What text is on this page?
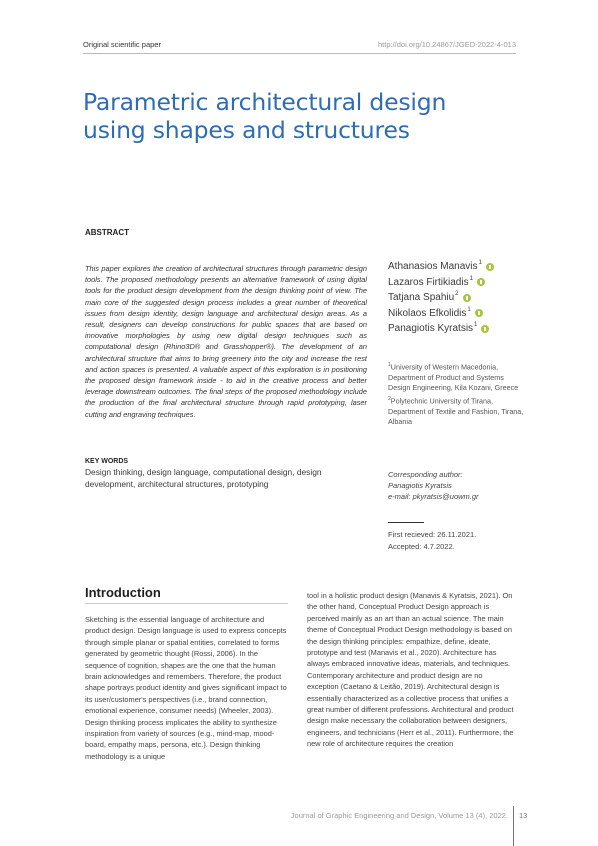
Original scientific paper	http://doi.org/10.24867/JGED-2022-4-013
Parametric architectural design using shapes and structures
ABSTRACT

This paper explores the creation of architectural structures through parametric design tools. The proposed methodology presents an alternative framework of using digital tools for the product design development from the design thinking point of view. The main core of the suggested design process includes a great number of theoretical issues from design identity, design language and architectural design areas. As a result, designers can develop constructions for public spaces that are based on innovative morphologies by using new digital design techniques such as computational design (Rhino3D® and Grasshopper®). The development of an architectural structure that aims to bring greenery into the city and increase the rest and action spaces is presented. A valuable aspect of this exploration is in positioning the proposed design framework inside - to aid in the creative process and better leverage downstream outcomes. The final steps of the proposed methodology include the production of the final architectural structure through rapid prototyping, laser cutting and engraving techniques.

KEY WORDS
Design thinking, design language, computational design, design development, architectural structures, prototyping
Athanasios Manavis$^1$
Lazaros Firtikiadis$^1$
Tatjana Spahiu$^2$
Nikolaos Efkolidis$^1$
Panagiotis Kyratsis$^1$

$^1$University of Western Macedonia, Department of Product and Systems Design Engineering, Kila Kozani, Greece

$^2$Polytechnic University of Tirana, Department of Textile and Fashion, Tirana, Albania

Corresponding author:

Panagiotis Kyratsis

e-mail: pkyratsis@uowm.gr

First recieved: 26.11.2021.

Accepted: 4.7.2022.

Introduction
Sketching is the essential language of architecture and product design. Design language is used to express concepts through simple planar or spatial entities, correlated to forms generated by geometric thought (Rossi, 2006). In the sequence of cognition, shapes are the one that the human brain acknowledges and remembers. Therefore, the product shape portrays product identity and gives significant impact to its user/customer's perspectives (i.e., brand connection, emotional experience, consumer needs) (Wheeler, 2003). Design thinking process implicates the ability to synthesize inspiration from variety of sources (e.g., mind-map, mood-board, empathy maps, persona, etc.). Design thinking methodology is a unique
tool in a holistic product design (Manavis & Kyratsis, 2021). On the other hand, Conceptual Product Design approach is perceived mainly as an art than an actual science. The main theme of Conceptual Product Design methodology is based on the design thinking principles: empathize, define, ideate, prototype and test (Manavis et al., 2020). Architecture has always embraced innovative ideas, materials, and techniques. Contemporary architecture and product design are no exception (Caetano & Leitão, 2019). Architectural design is essentially characterized as a collective process that unifies a great number of different professions. Architectural and product design make necessary the collaboration between designers, engineers, and technicians (Herr et al., 2011). Furthermore, the new role of architecture requires the creation
Journal of Graphic Engineering and Design, Volume 13 (4), 2022. 13
